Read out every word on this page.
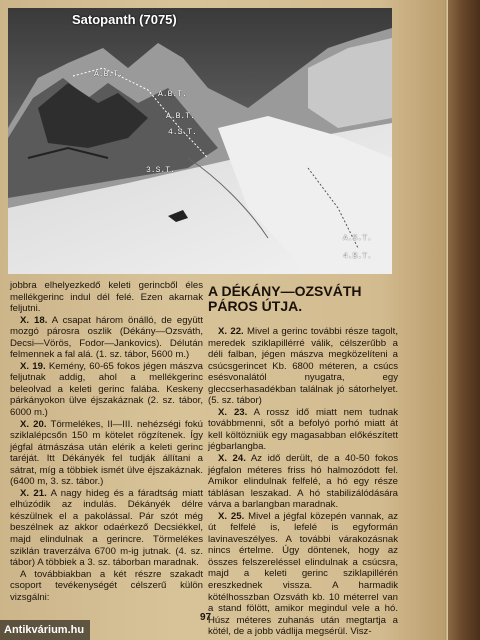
Satopanth (7075)
A.B.T.
A.B.T.
A.B.T.
4.S.T.
3.S.T.
A.S.T.
4.B.T.

jobbra elhelyezkedő keleti gerincből éles mellékgerinc indul dél felé. Ezen akarnak feljutni.

X. 18. A csapat három önálló, de együtt mozgó párosra oszlik (Dékány—Ozsváth, Decsi—Vörös, Fodor—Jankovics). Délután felmennek a fal alá. (1. sz. tábor, 5600 m.)

X. 19. Kemény, 60-65 fokos jégen mászva feljutnak addig, ahol a mellékgerinc beleolvad a keleti gerinc falába. Keskeny párkányokon ülve éjszakáznak (2. sz. tábor, 6000 m.)

X. 20. Törmelékes, II—III. nehézségi fokú sziklalépcsőn 150 m kötelet rögzítenek. Így jégfal átmászása után elérik a keleti gerinc taréját. Itt Dékányék fel tudják állítani a sátrat, míg a többiek ismét ülve éjszakáznak. (6400 m, 3. sz. tábor.)

X. 21. A nagy hideg és a fáradtság miatt elhúzódik az indulás. Dékányék délre készülnek el a pakolással. Pár szót még beszélnek az akkor odaérkező Decsiékkel, majd elindulnak a gerincre. Törmelékes sziklán traverzálva 6700 m-ig jutnak. (4. sz. tábor) A többiek a 3. sz. táborban maradnak.

A továbbiakban a két részre szakadt csoport tevékenységét célszerű külön vizsgálni:

A DÉKÁNY—OZSVÁTH PÁROS ÚTJA.

X. 22. Mivel a gerinc további része tagolt, meredek sziklapillérré válik, célszerűbb a déli falban, jégen mászva megközelíteni a csúcsgerincet Kb. 6800 méteren, a csúcs esésvonalától nyugatra, egy gleccserhasadékban találnak jó sátorhelyet. (5. sz. tábor)

X. 23. A rossz idő miatt nem tudnak továbbmenni, sőt a befolyó porhó miatt át kell költözniük egy magasabban előkészített jégbarlangba.

X. 24. Az idő derült, de a 40-50 fokos jégfalon méteres friss hó halmozódott fel. Amikor elindulnak felfelé, a hó egy része táblásan leszakad. A hó stabilizálódására várva a barlangban maradnak.

X. 25. Mivel a jégfal közepén vannak, az út felfelé is, lefelé is egyformán lavinaveszélyes. A további várakozásnak nincs értelme. Úgy döntenek, hogy az összes felszereléssel elindulnak a csúcsra, majd a keleti gerinc sziklapillérén ereszkednek vissza. A harmadik kötélhosszban Ozsváth kb. 10 méterrel van a stand fölött, amikor megindul vele a hó. Húsz méteres zuhanás után megtartja a kötél, de a jobb vádlija megsérül. Visz-

97
Antikvárium.hu
